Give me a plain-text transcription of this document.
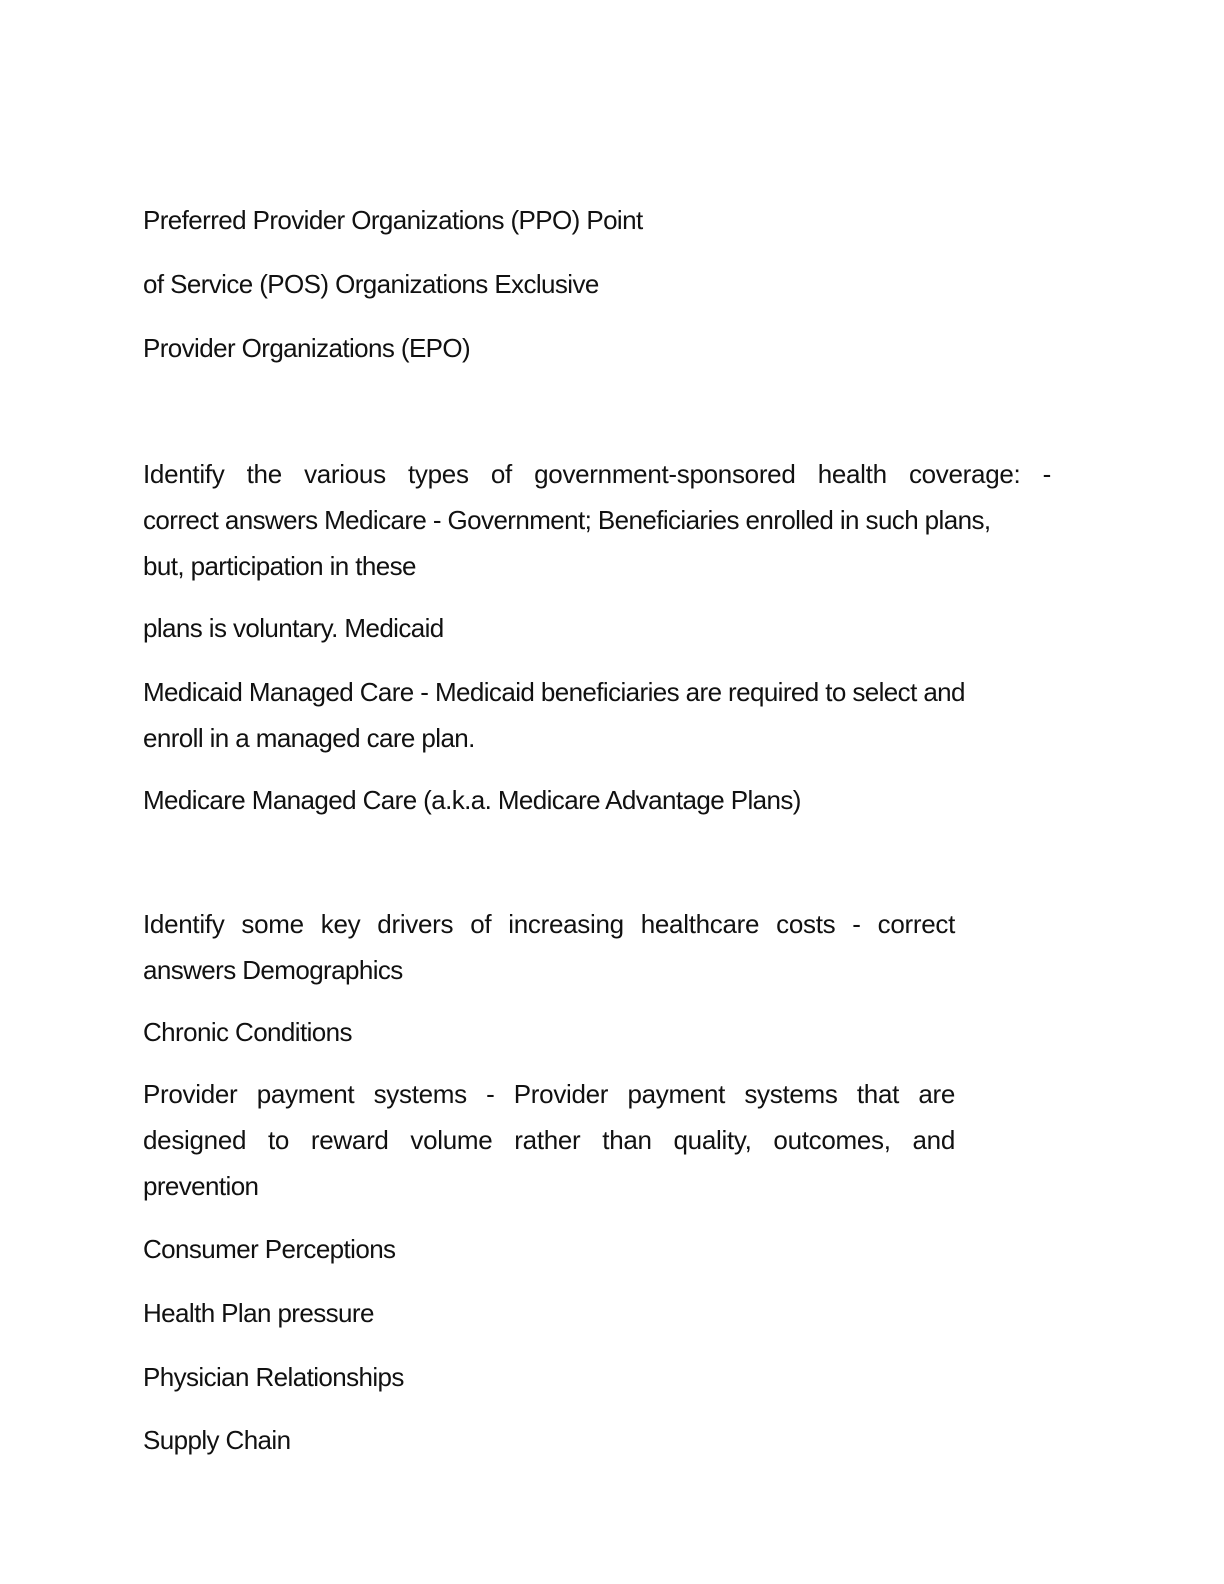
Preferred Provider Organizations (PPO) Point

of Service (POS) Organizations Exclusive

Provider Organizations (EPO)

Identify the various types of government-sponsored health coverage: -

correct answers Medicare - Government; Beneficiaries enrolled in such plans,

but, participation in these

plans is voluntary. Medicaid

Medicaid Managed Care - Medicaid beneficiaries are required to select and

enroll in a managed care plan.

Medicare Managed Care (a.k.a. Medicare Advantage Plans)

Identify some key drivers of increasing healthcare costs - correct

answers Demographics

Chronic Conditions

Provider payment systems - Provider payment systems that are

designed to reward volume rather than quality, outcomes, and

prevention

Consumer Perceptions

Health Plan pressure

Physician Relationships

Supply Chain
